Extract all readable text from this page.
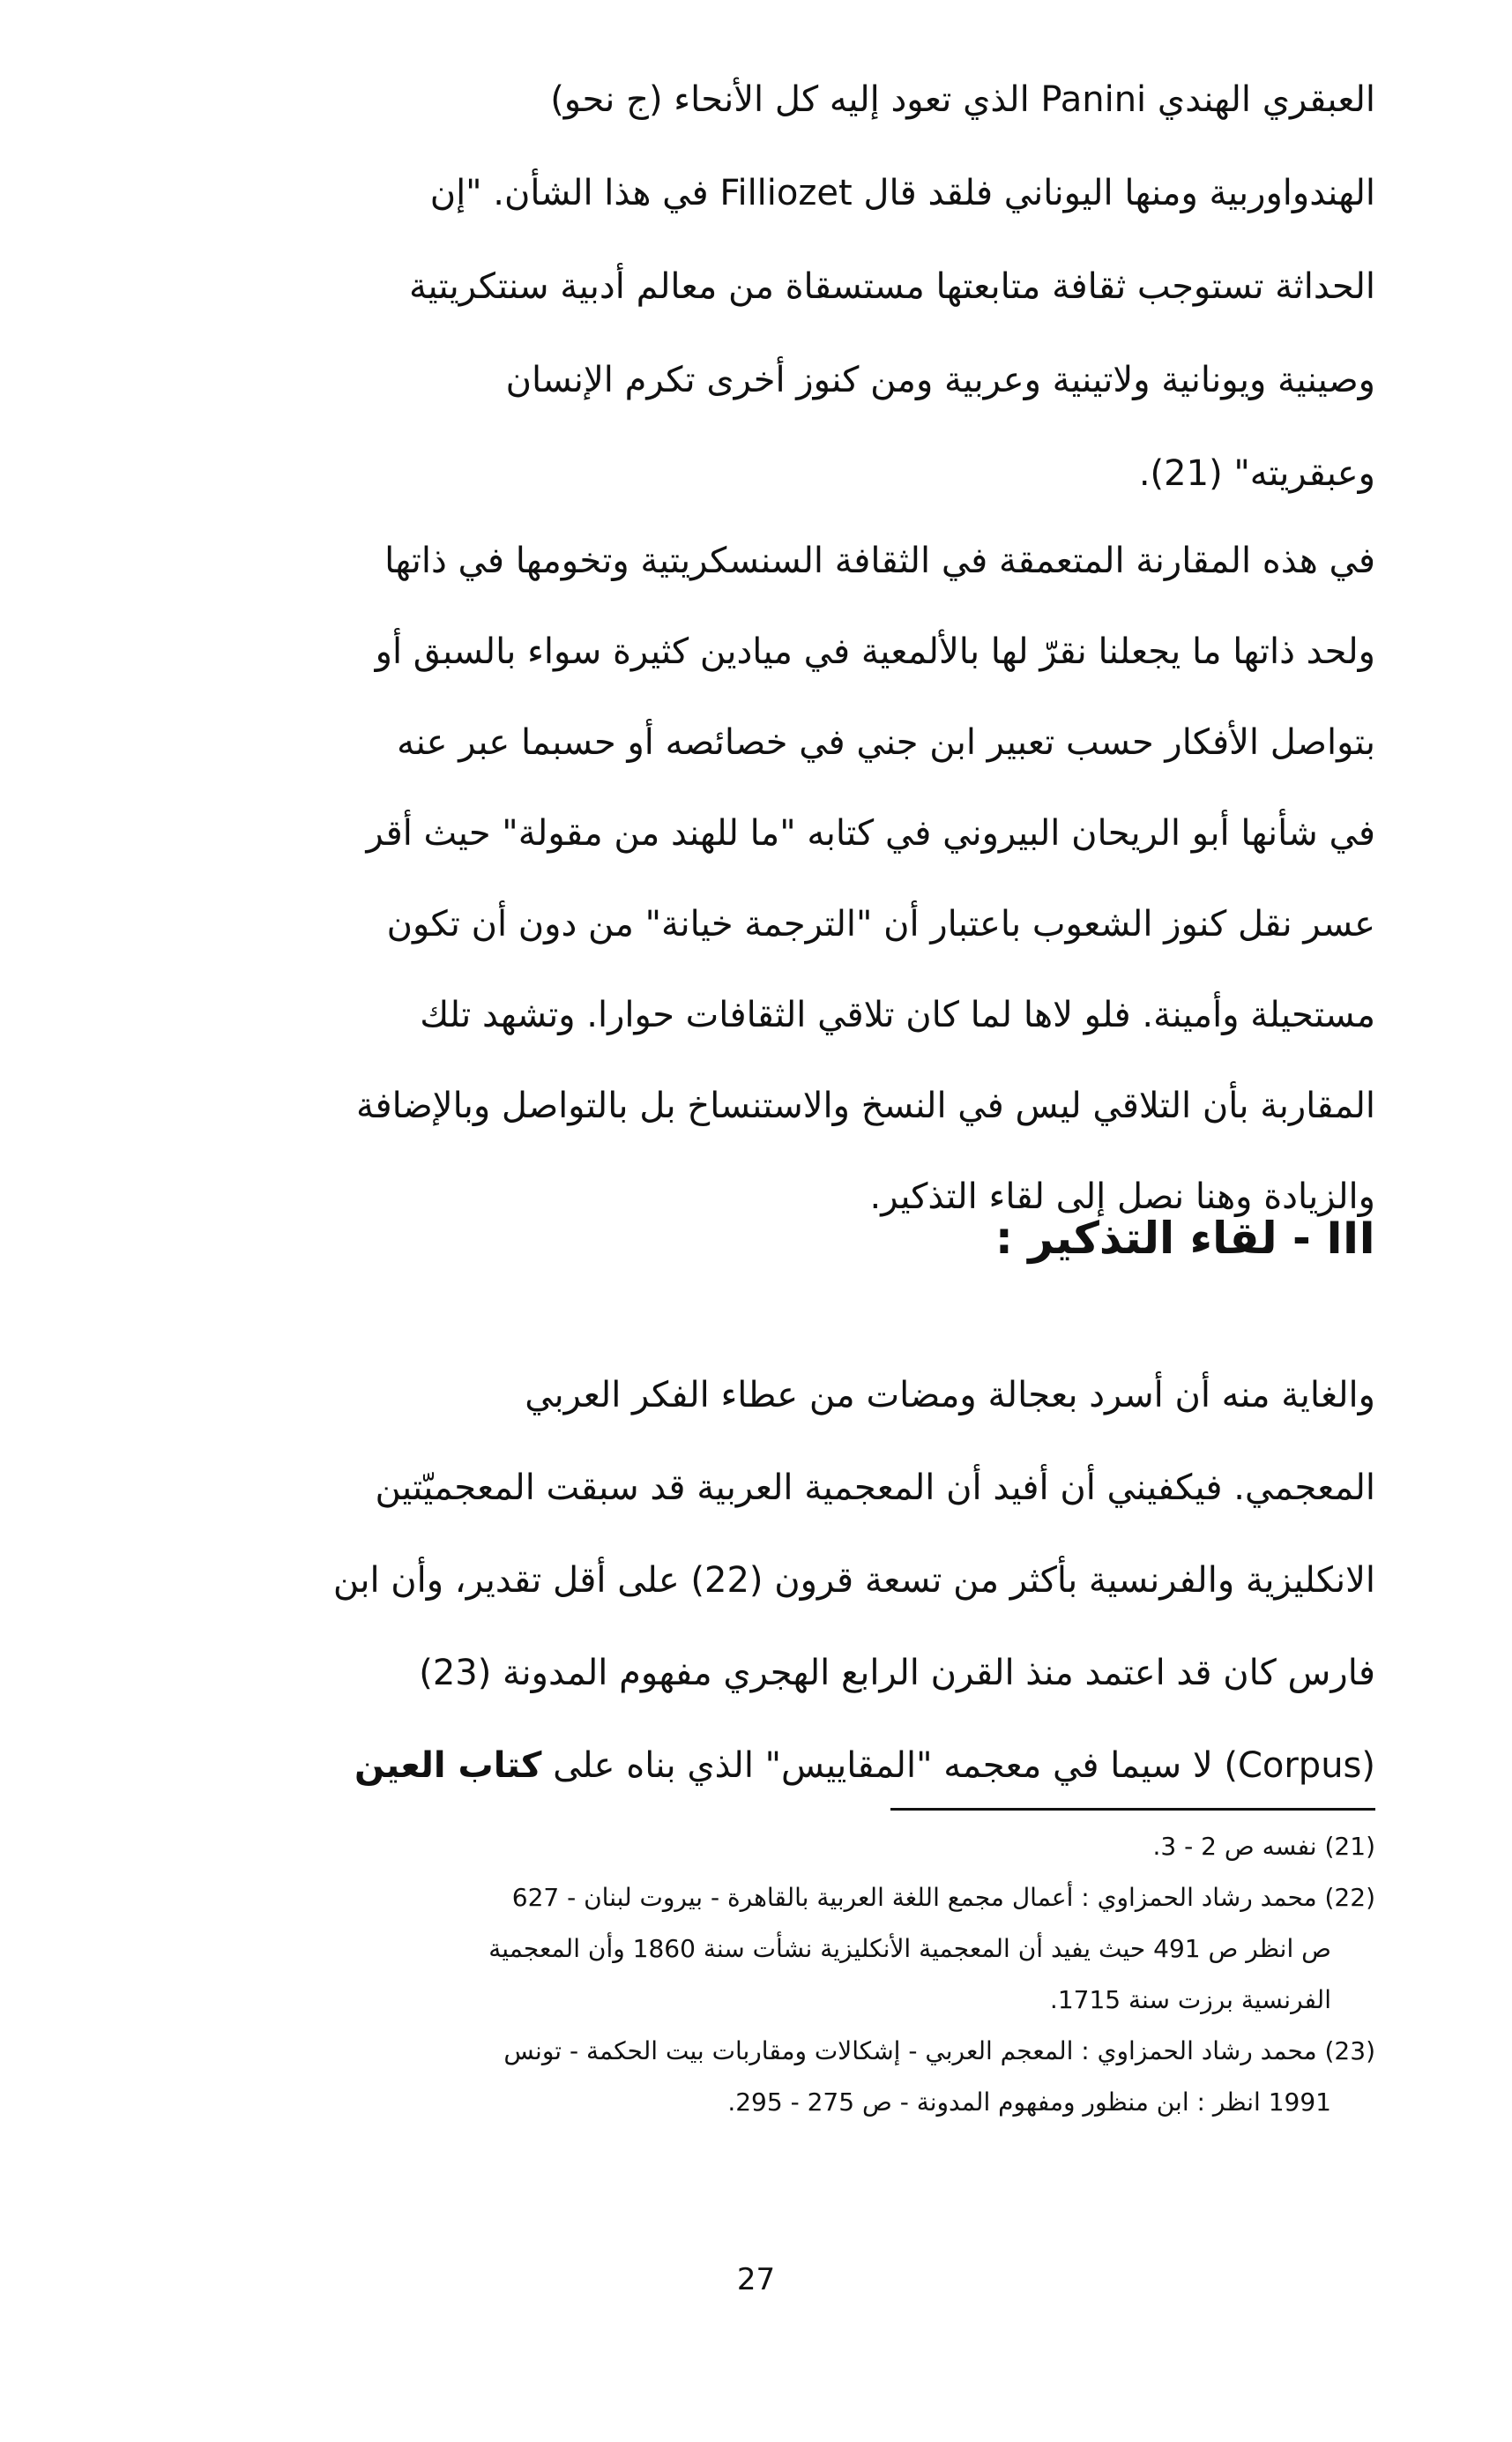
العبقري الهندي Panini الذي تعود إليه كل الأنحاء (ج نحو)
الهندواوربية ومنها اليوناني فلقد قال Filliozet في هذا الشأن. "إن
الحداثة تستوجب ثقافة متابعتها مستسقاة من معالم أدبية سنتكريتية
وصينية ويونانية ولاتينية وعربية ومن كنوز أخرى تكرم الإنسان
وعبقريته" (21).
في هذه المقارنة المتعمقة في الثقافة السنسكريتية وتخومها في ذاتها
ولحد ذاتها ما يجعلنا نقرّ لها بالألمعية في ميادين كثيرة سواء بالسبق أو
بتواصل الأفكار حسب تعبير ابن جني في خصائصه أو حسبما عبر عنه
في شأنها أبو الريحان البيروني في كتابه "ما للهند من مقولة" حيث أقر
عسر نقل كنوز الشعوب باعتبار أن "الترجمة خيانة" من دون أن تكون
مستحيلة وأمينة. فلو لاها لما كان تلاقي الثقافات حوارا. وتشهد تلك
المقاربة بأن التلاقي ليس في النسخ والاستنساخ بل بالتواصل وبالإضافة
والزيادة وهنا نصل إلى لقاء التذكير.
III - لقاء التذكير :
والغاية منه أن أسرد بعجالة ومضات من عطاء الفكر العربي
المعجمي. فيكفيني أن أفيد أن المعجمية العربية قد سبقت المعجميّتين
الانكليزية والفرنسية بأكثر من تسعة قرون (22) على أقل تقدير، وأن ابن
فارس كان قد اعتمد منذ القرن الرابع الهجري مفهوم المدونة (23)
(Corpus) لا سيما في معجمه "المقاييس" الذي بناه على كتاب العين
(21) نفسه ص 2 - 3.
(22) محمد رشاد الحمزاوي : أعمال مجمع اللغة العربية بالقاهرة - بيروت لبنان - 627
ص انظر ص 491 حيث يفيد أن المعجمية الأنكليزية نشأت سنة 1860 وأن المعجمية
الفرنسية برزت سنة 1715.
(23) محمد رشاد الحمزاوي : المعجم العربي - إشكالات ومقاربات بيت الحكمة - تونس
1991 انظر : ابن منظور ومفهوم المدونة - ص 275 - 295.
27
